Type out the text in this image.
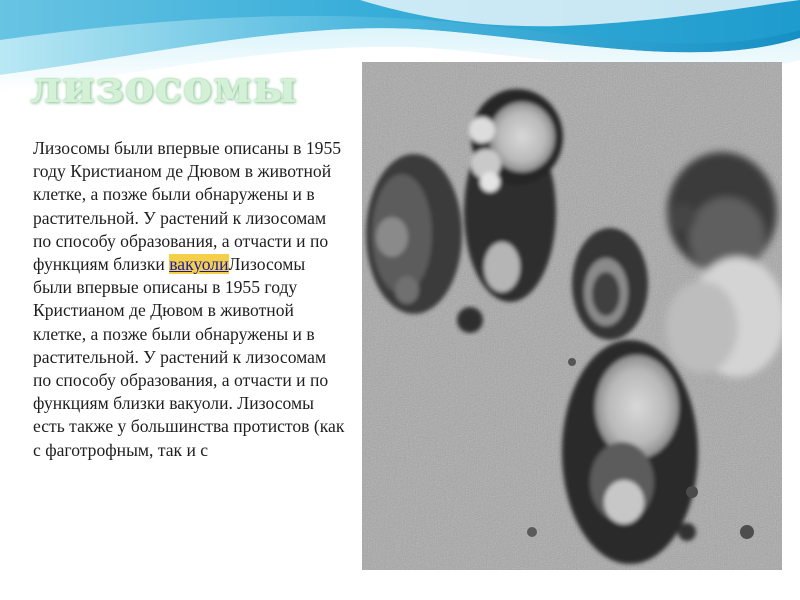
лизосомы
Лизосомы были впервые описаны в 1955 году Кристианом де Дювом в животной клетке, а позже были обнаружены и в растительной. У растений к лизосомам по способу образования, а отчасти и по функциям близки вакуолиЛизосомы были впервые описаны в 1955 году Кристианом де Дювом в животной клетке, а позже были обнаружены и в растительной. У растений к лизосомам по способу образования, а отчасти и по функциям близки вакуоли. Лизосомы есть также у большинства протистов (как с фаготрофным, так и с
